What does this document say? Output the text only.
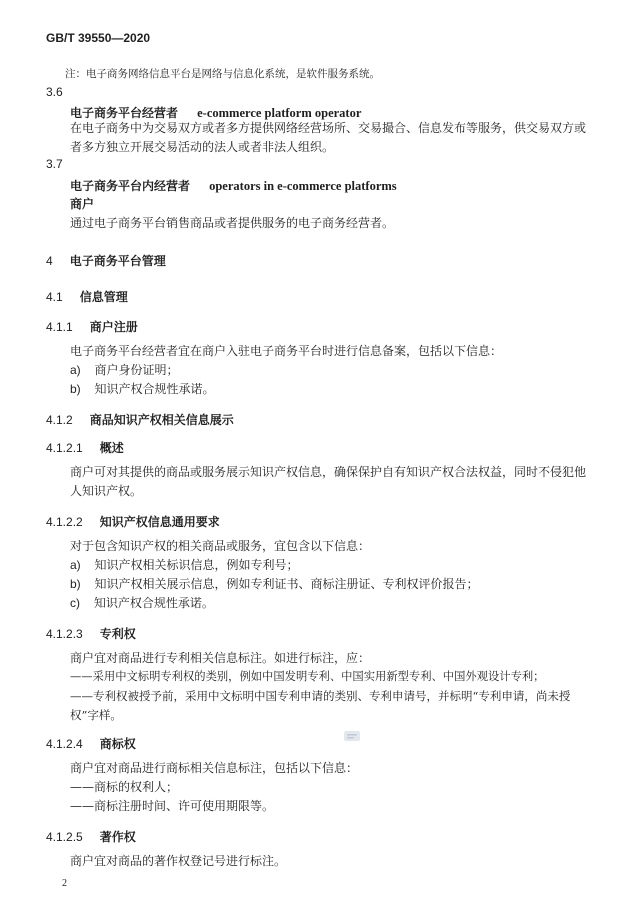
GB/T 39550—2020
注：电子商务网络信息平台是网络与信息化系统，是软件服务系统。
3.6
电子商务平台经营者 e-commerce platform operator
在电子商务中为交易双方或者多方提供网络经营场所、交易撮合、信息发布等服务，供交易双方或者多方独立开展交易活动的法人或者非法人组织。
3.7
电子商务平台内经营者 operators in e-commerce platforms
商户
通过电子商务平台销售商品或者提供服务的电子商务经营者。
4 电子商务平台管理
4.1 信息管理
4.1.1 商户注册
电子商务平台经营者宜在商户入驻电子商务平台时进行信息备案，包括以下信息：
a) 商户身份证明；
b) 知识产权合规性承诺。
4.1.2 商品知识产权相关信息展示
4.1.2.1 概述
商户可对其提供的商品或服务展示知识产权信息，确保保护自有知识产权合法权益，同时不侵犯他人知识产权。
4.1.2.2 知识产权信息通用要求
对于包含知识产权的相关商品或服务，宜包含以下信息：
a) 知识产权相关标识信息，例如专利号；
b) 知识产权相关展示信息，例如专利证书、商标注册证、专利权评价报告；
c) 知识产权合规性承诺。
4.1.2.3 专利权
商户宜对商品进行专利相关信息标注。如进行标注，应：
——采用中文标明专利权的类别，例如中国发明专利、中国实用新型专利、中国外观设计专利；
——专利权被授予前，采用中文标明中国专利申请的类别、专利申请号，并标明“专利申请，尚未授权”字样。
4.1.2.4 商标权
商户宜对商品进行商标相关信息标注，包括以下信息：
——商标的权利人；
——商标注册时间、许可使用期限等。
4.1.2.5 著作权
商户宜对商品的著作权登记号进行标注。
2
